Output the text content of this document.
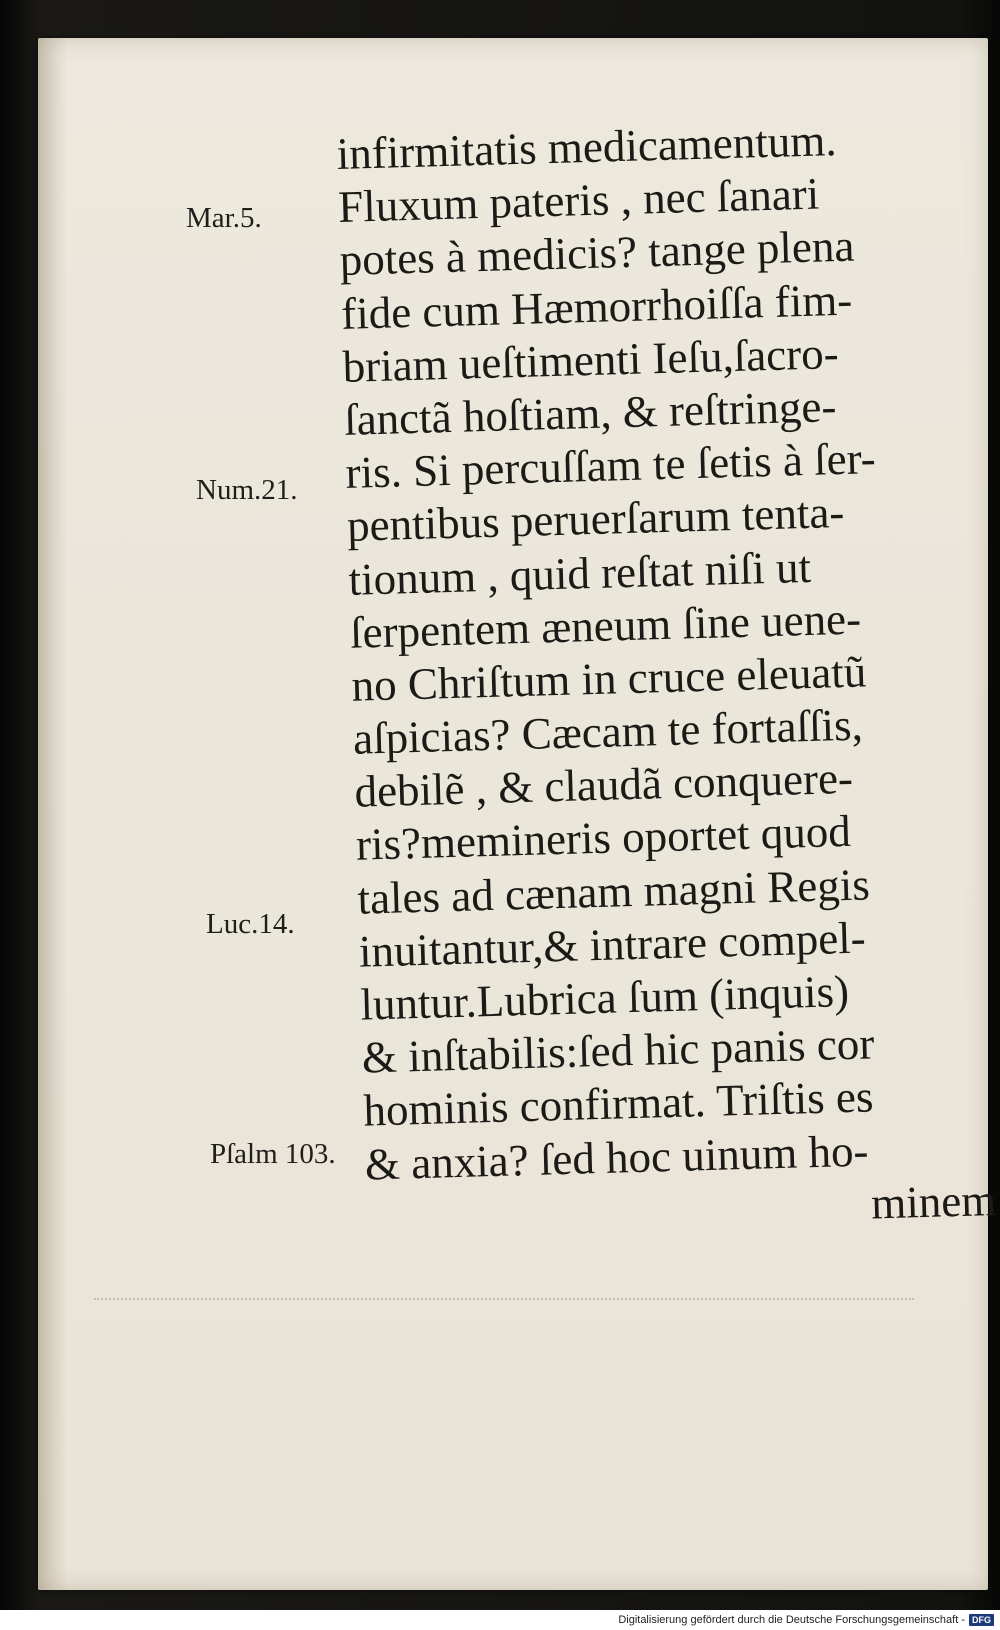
Mar.5.
Num.21.
Luc.14.
Pſalm 103.
infirmitatis medicamentum.
Fluxum pateris , nec ſanari
potes à medicis? tange plena
fide cum Hæmorrhoiſſa fim-
briam ueſtimenti Ieſu,ſacro-
ſanctã hoſtiam, & reſtringe-
ris. Si percuſſam te ſetis à ſer-
pentibus peruerſarum tenta-
tionum , quid reſtat niſi ut
ſerpentem æneum ſine uene-
no Chriſtum in cruce eleuatũ
aſpicias? Cæcam te fortaſſis,
debilẽ , & claudã conquere-
ris?memineris oportet quod
tales ad cænam magni Regis
inuitantur,& intrare compel-
luntur.Lubrica ſum (inquis)
& inſtabilis:ſed hic panis cor
hominis confirmat. Triſtis es
& anxia? ſed hoc uinum ho-
minem
Digitalisierung gefördert durch die Deutsche Forschungsgemeinschaft - DFG
